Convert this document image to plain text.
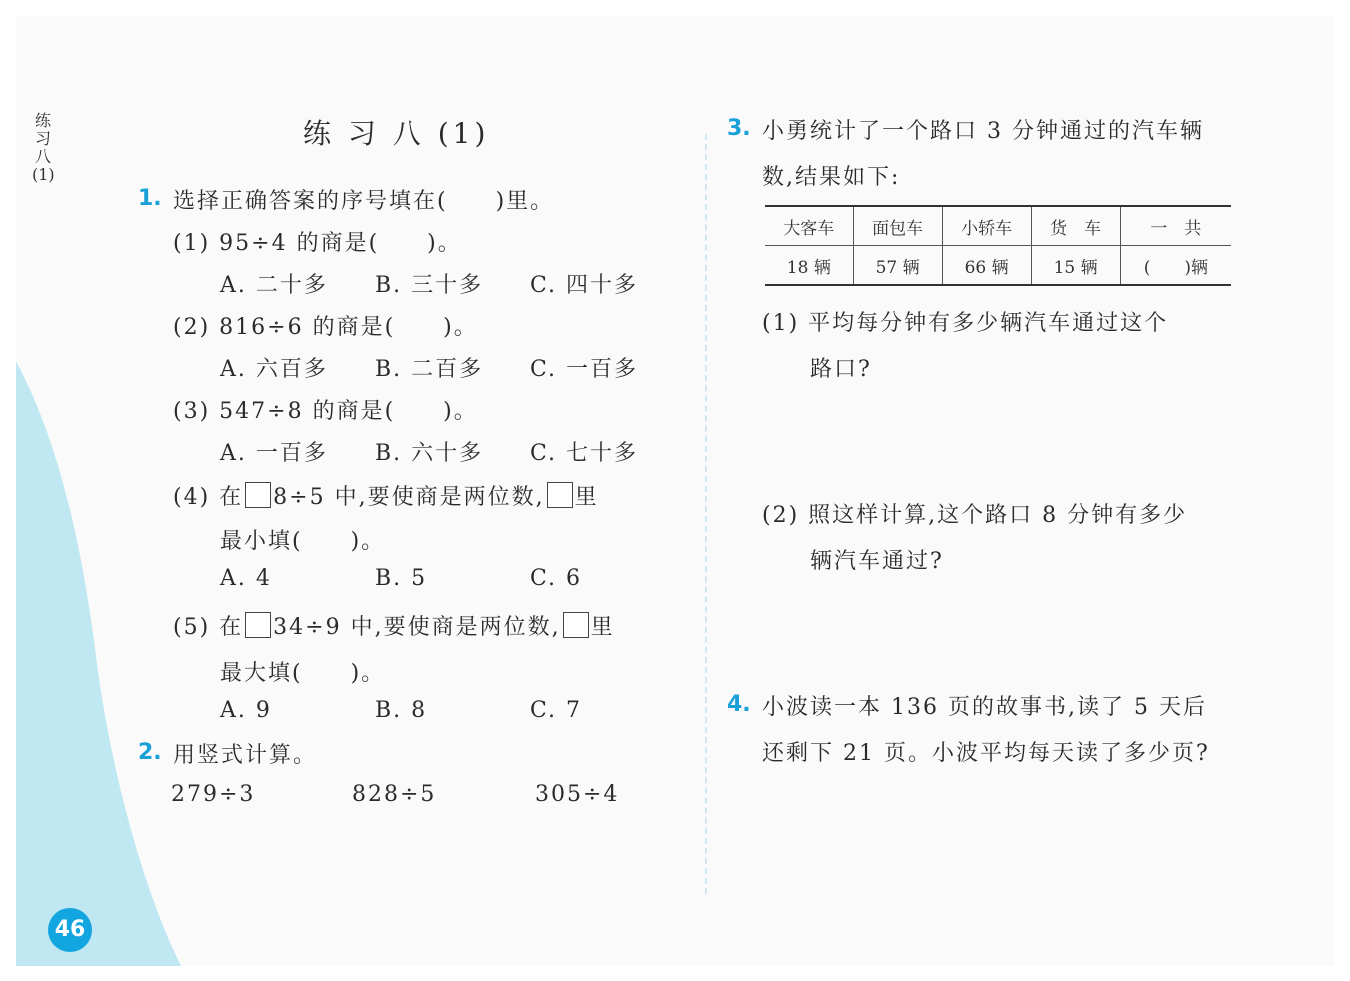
练习八(1)
练 习 八 (1)
1. 选择正确答案的序号填在(　　)里。
(1) 95÷4 的商是(　　)。
A. 二十多 B. 三十多 C. 四十多
(2) 816÷6 的商是(　　)。
A. 六百多 B. 二百多 C. 一百多
(3) 547÷8 的商是(　　)。
A. 一百多 B. 六十多 C. 七十多
(4) 在 8÷5 中,要使商是两位数, 里
最小填(　　)。
A. 4	B. 5	C. 6
(5) 在 34÷9 中,要使商是两位数, 里
最大填(　　)。
A. 9	B. 8	C. 7
2. 用竖式计算。
279÷3	828÷5	305÷4
3. 小勇统计了一个路口 3 分钟通过的汽车辆
数,结果如下:
大客车	面包车	小轿车	货　车	一　共
18 辆	57 辆	66 辆	15 辆	(　　)辆
(1) 平均每分钟有多少辆汽车通过这个
路口?
(2) 照这样计算,这个路口 8 分钟有多少
辆汽车通过?
4. 小波读一本 136 页的故事书,读了 5 天后
还剩下 21 页。小波平均每天读了多少页?
46
